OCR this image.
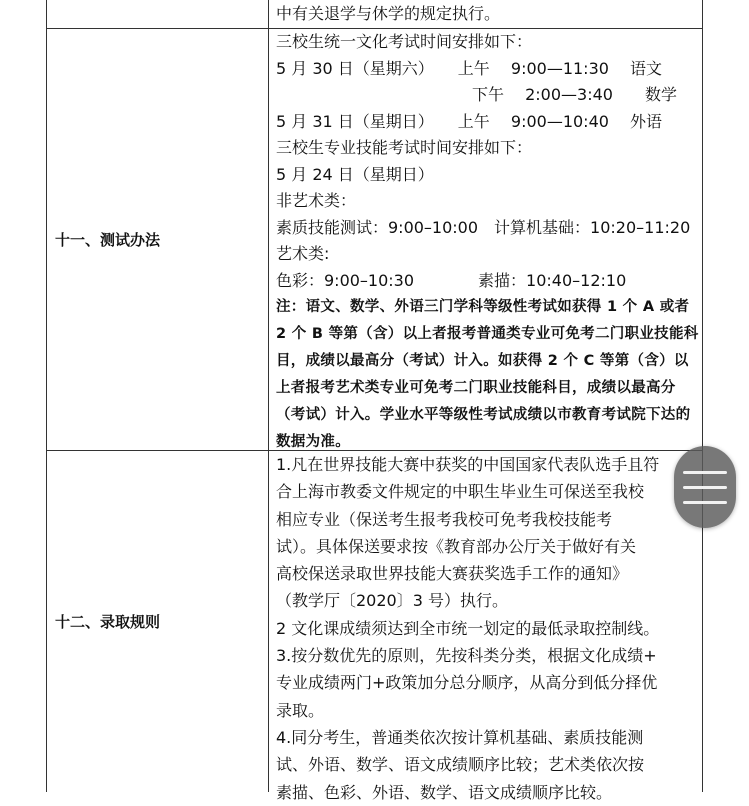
中有关退学与休学的规定执行。
十一、测试办法
三校生统一文化考试时间安排如下：
5 月 30 日（星期六）　　上午　 9:00—11:30　 语文
下午　 2:00—3:40　　数学
5 月 31 日（星期日）　　上午　 9:00—10:40　 外语
三校生专业技能考试时间安排如下：
5 月 24 日（星期日）
非艺术类：
素质技能测试：9:00–10:00　计算机基础：10:20–11:20
艺术类:
色彩：9:00–10:30　　　　素描：10:40–12:10
注：语文、数学、外语三门学科等级性考试如获得 1 个 A 或者 2 个 B 等第（含）以上者报考普通类专业可免考二门职业技能科目，成绩以最高分（考试）计入。如获得 2 个 C 等第（含）以上者报考艺术类专业可免考二门职业技能科目，成绩以最高分（考试）计入。学业水平等级性考试成绩以市教育考试院下达的数据为准。
十二、录取规则
1.凡在世界技能大赛中获奖的中国国家代表队选手且符
合上海市教委文件规定的中职生毕业生可保送至我校
相应专业（保送考生报考我校可免考我校技能考
试）。具体保送要求按《教育部办公厅关于做好有关
高校保送录取世界技能大赛获奖选手工作的通知》
（教学厅〔2020〕3 号）执行。
2 文化课成绩须达到全市统一划定的最低录取控制线。
3.按分数优先的原则，先按科类分类，根据文化成绩+
专业成绩两门+政策加分总分顺序，从高分到低分择优
录取。
4.同分考生，普通类依次按计算机基础、素质技能测
试、外语、数学、语文成绩顺序比较；艺术类依次按
素描、色彩、外语、数学、语文成绩顺序比较。
